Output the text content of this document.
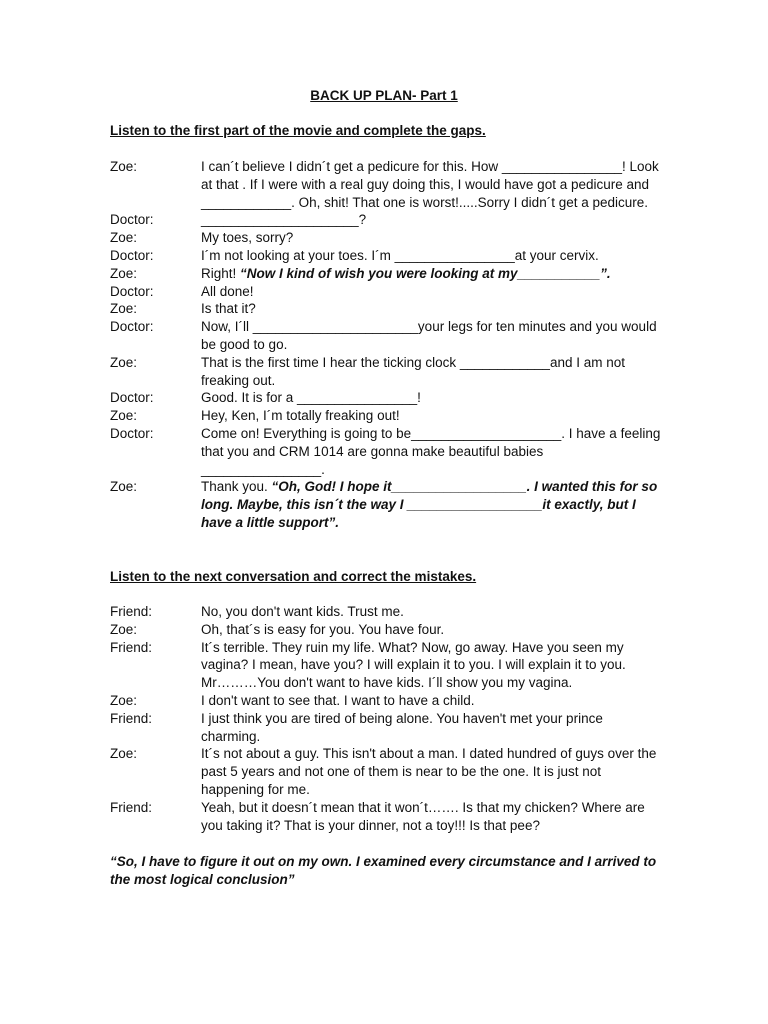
BACK UP PLAN- Part 1
Listen to the first part of the movie and complete the gaps.
Zoe:	I can´t believe I didn´t get a pedicure for this. How ________________! Look at that . If I were with a real guy doing this, I would have got a pedicure and ____________. Oh, shit! That one is worst!.....Sorry I didn´t get a pedicure.
Doctor:	_____________________?
Zoe:	My toes, sorry?
Doctor:	I´m not looking at your toes. I´m ________________at your cervix.
Zoe:	Right! “Now I kind of wish you were looking at my___________”.
Doctor:	All done!
Zoe:	Is that it?
Doctor:	Now, I´ll ______________________your legs for ten minutes and you would be good to go.
Zoe:	That is the first time I hear the ticking clock ____________and I am not freaking out.
Doctor:	Good. It is for a ________________!
Zoe:	Hey, Ken, I´m totally freaking out!
Doctor:	Come on! Everything is going to be____________________. I have a feeling that you and CRM 1014 are gonna make beautiful babies ________________.
Zoe:	Thank you. “Oh, God! I hope it__________________. I wanted this for so long. Maybe, this isn´t the way I __________________it exactly, but I have a little support”.
Listen to the next conversation and correct the mistakes.
Friend:	No, you don't want kids. Trust me.
Zoe:	Oh, that´s is easy for you. You have four.
Friend:	It´s terrible. They ruin my life. What? Now, go away. Have you seen my vagina? I mean, have you? I will explain it to you. I will explain it to you. Mr………You don't want to have kids. I´ll show you my vagina.
Zoe:	I don't want to see that. I want to have a child.
Friend:	I just think you are tired of being alone. You haven't met your prince charming.
Zoe:	It´s not about a guy. This isn't about a man. I dated hundred of guys over the past 5 years and not one of them is near to be the one. It is just not happening for me.
Friend:	Yeah, but it doesn´t mean that it won´t……. Is that my chicken? Where are you taking it? That is your dinner, not a toy!!! Is that pee?
“So, I have to figure it out on my own. I examined every circumstance and I arrived to the most logical conclusion”
